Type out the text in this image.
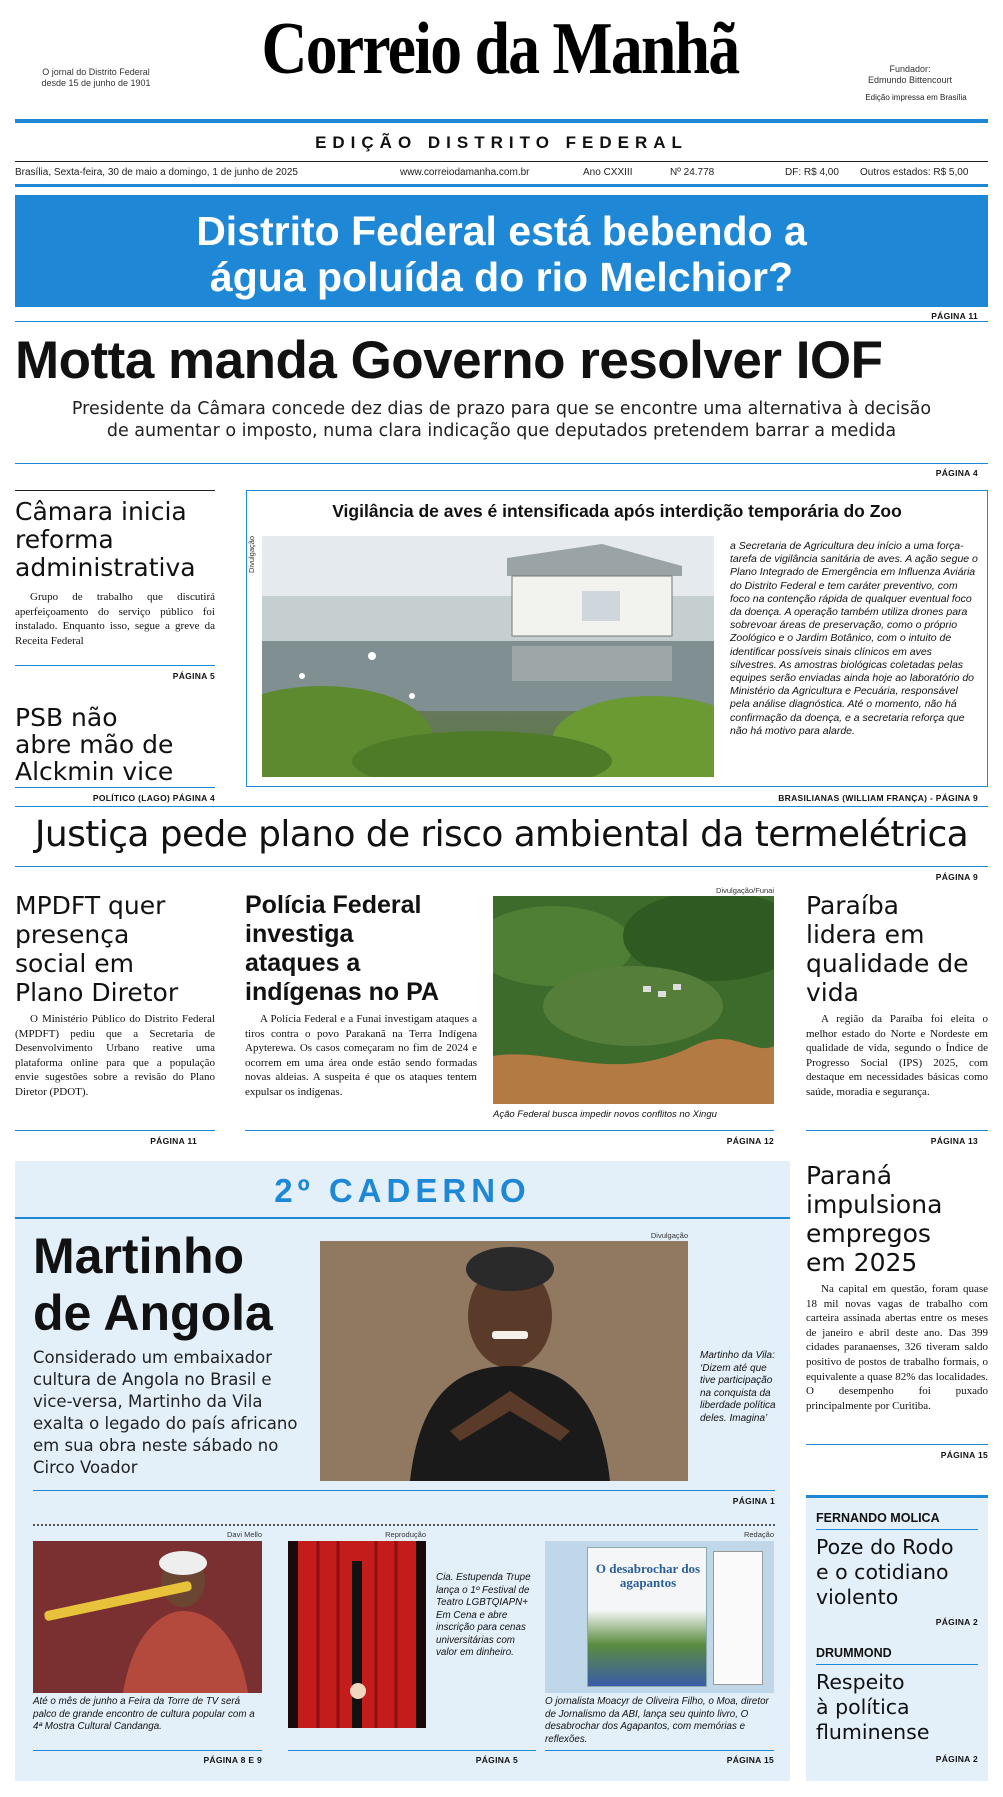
O jornal do Distrito Federal
desde 15 de junho de 1901	Correio da Manhã	Fundador:
Edmundo Bittencourt
Edição impressa em Brasília
EDIÇÃO DISTRITO FEDERAL
Brasília, Sexta-feira, 30 de maio a domingo, 1 de junho de 2025	www.correiodamanha.com.br	Ano CXXIII	Nº 24.778	DF: R$ 4,00 Outros estados: R$ 5,00
Distrito Federal está bebendo a
água poluída do rio Melchior?
PÁGINA 11
Motta manda Governo resolver IOF
Presidente da Câmara concede dez dias de prazo para que se encontre uma alternativa à decisão
de aumentar o imposto, numa clara indicação que deputados pretendem barrar a medida
PÁGINA 4
Câmara inicia
reforma
administrativa
Grupo de trabalho que discutirá aperfeiçoamento do serviço público foi instalado. Enquanto isso, segue a greve da Receita Federal
PÁGINA 5
PSB não
abre mão de
Alckmin vice
POLÍTICO (LAGO) PÁGINA 4
Vigilância de aves é intensificada após interdição temporária do Zoo
Divulgação	a Secretaria de Agricultura deu início a uma força-tarefa de vigilância sanitária de aves. A ação segue o Plano Integrado de Emergência em Influenza Aviária do Distrito Federal e tem caráter preventivo, com foco na contenção rápida de qualquer eventual foco da doença. A operação também utiliza drones para sobrevoar áreas de preservação, como o próprio Zoológico e o Jardim Botânico, com o intuito de identificar possíveis sinais clínicos em aves silvestres. As amostras biológicas coletadas pelas equipes serão enviadas ainda hoje ao laboratório do Ministério da Agricultura e Pecuária, responsável pela análise diagnóstica. Até o momento, não há confirmação da doença, e a secretaria reforça que não há motivo para alarde.
BRASILIANAS (WILLIAM FRANÇA) - PÁGINA 9
Justiça pede plano de risco ambiental da termelétrica
PÁGINA 9
MPDFT quer
presença
social em
Plano Diretor
O Ministério Público do Distrito Federal (MPDFT) pediu que a Secretaria de Desenvolvimento Urbano reative uma plataforma online para que a população envie sugestões sobre a revisão do Plano Diretor (PDOT).
PÁGINA 11
Polícia Federal
investiga
ataques a
indígenas no PA
A Polícia Federal e a Funai investigam ataques a tiros contra o povo Parakanã na Terra Indígena Apyterewa. Os casos começaram no fim de 2024 e ocorrem em uma área onde estão sendo formadas novas aldeias. A suspeita é que os ataques tentem expulsar os indígenas.
Divulgação/Funai
Ação Federal busca impedir novos conflitos no Xingu
PÁGINA 12
Paraíba
lidera em
qualidade de
vida
A região da Paraíba foi eleita o melhor estado do Norte e Nordeste em qualidade de vida, segundo o Índice de Progresso Social (IPS) 2025, com destaque em necessidades básicas como saúde, moradia e segurança.
PÁGINA 13
2º CADERNO
Martinho
de Angola
Considerado um embaixador cultura de Angola no Brasil e vice-versa, Martinho da Vila exalta o legado do país africano em sua obra neste sábado no Circo Voador
Divulgação
Martinho da Vila: ‘Dizem até que tive participação na conquista da liberdade política deles. Imagina’
PÁGINA 1
Davi Mello
Até o mês de junho a Feira da Torre de TV será palco de grande encontro de cultura popular com a 4ª Mostra Cultural Candanga.
PÁGINA 8 E 9
Reprodução
Cia. Estupenda Trupe lança o 1º Festival de Teatro LGBTQIAPN+ Em Cena e abre inscrição para cenas universitárias com valor em dinheiro.
PÁGINA 5
Redação
O desabrochar dos agapantos
O jornalista Moacyr de Oliveira Filho, o Moa, diretor de Jornalismo da ABI, lança seu quinto livro, O desabrochar dos Agapantos, com memórias e reflexões.
PÁGINA 15
Paraná
impulsiona
empregos
em 2025
Na capital em questão, foram quase 18 mil novas vagas de trabalho com carteira assinada abertas entre os meses de janeiro e abril deste ano. Das 399 cidades paranaenses, 326 tiveram saldo positivo de postos de trabalho formais, o equivalente a quase 82% das localidades. O desempenho foi puxado principalmente por Curitiba.
PÁGINA 15
FERNANDO MOLICA
Poze do Rodo
e o cotidiano
violento
PÁGINA 2
DRUMMOND
Respeito
à política
fluminense
PÁGINA 2
